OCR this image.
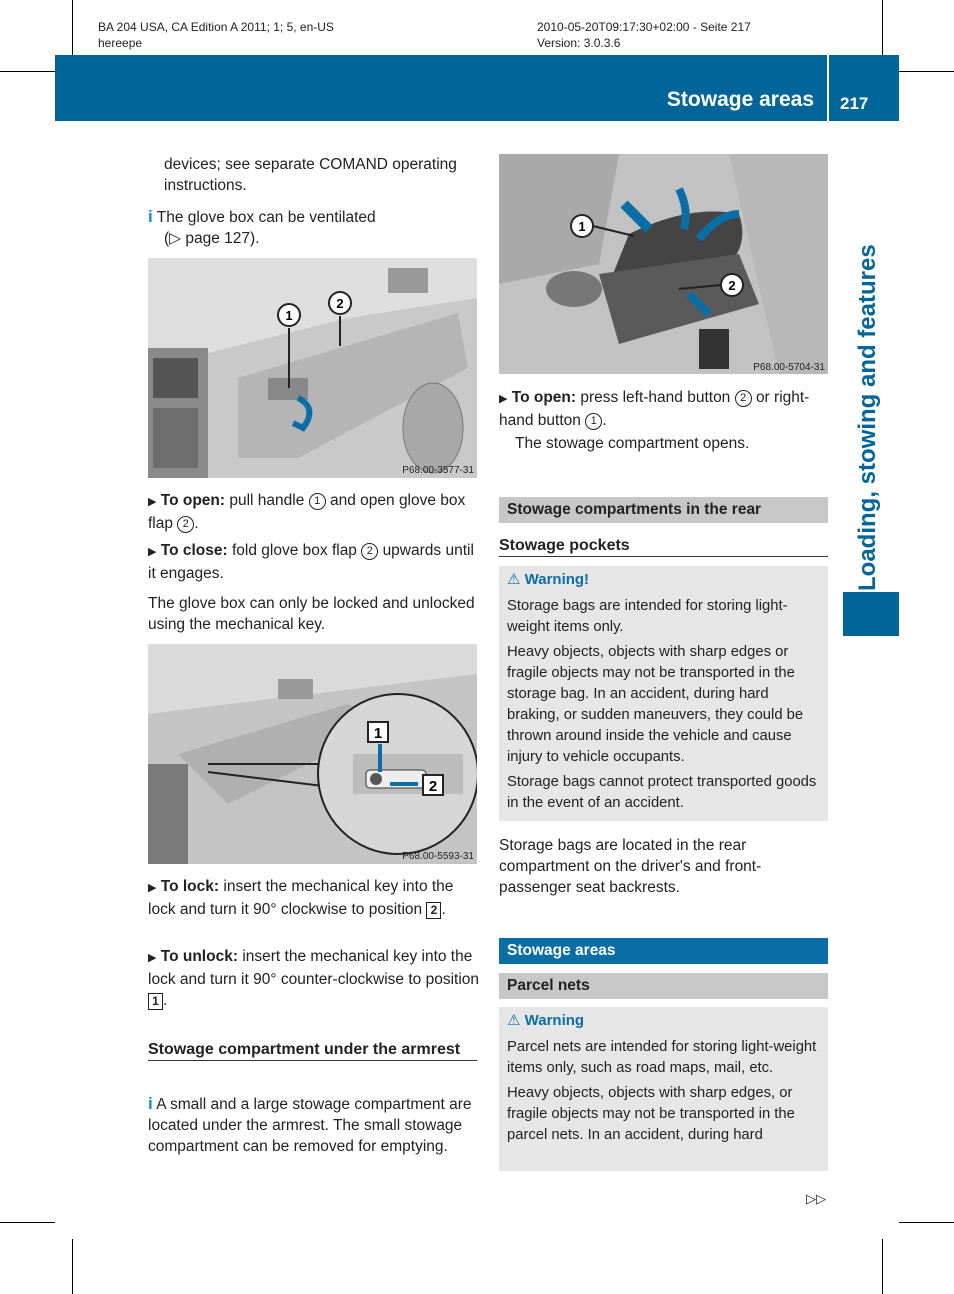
BA 204 USA, CA Edition A 2011; 1; 5, en-US
hereepe
2010-05-20T09:17:30+02:00 - Seite 217
Version: 3.0.3.6
Stowage areas 217
Loading, stowing and features
devices; see separate COMAND operating instructions.
i The glove box can be ventilated
(▷ page 127).
1
2
P68.00-3577-31
▶ To open: pull handle 1 and open glove box flap 2 .
▶ To close: fold glove box flap 2 upwards until it engages.
The glove box can only be locked and unlocked using the mechanical key.
1
2
P68.00-5593-31
▶ To lock: insert the mechanical key into the lock and turn it 90° clockwise to position 2 .
▶ To unlock: insert the mechanical key into the lock and turn it 90° counter-clockwise to position 1 .
Stowage compartment under the armrest
i A small and a large stowage compartment are located under the armrest. The small stowage compartment can be removed for emptying.
1
2
P68.00-5704-31
▶ To open: press left-hand button 2 or right-hand button 1 .
The stowage compartment opens.
Stowage compartments in the rear
Stowage pockets
⚠ Warning!
Storage bags are intended for storing light-weight items only.
Heavy objects, objects with sharp edges or fragile objects may not be transported in the storage bag. In an accident, during hard braking, or sudden maneuvers, they could be thrown around inside the vehicle and cause injury to vehicle occupants.
Storage bags cannot protect transported goods in the event of an accident.
Storage bags are located in the rear compartment on the driver's and front-passenger seat backrests.
Stowage areas
Parcel nets
⚠ Warning
Parcel nets are intended for storing light-weight items only, such as road maps, mail, etc.
Heavy objects, objects with sharp edges, or fragile objects may not be transported in the parcel nets. In an accident, during hard
▷▷
